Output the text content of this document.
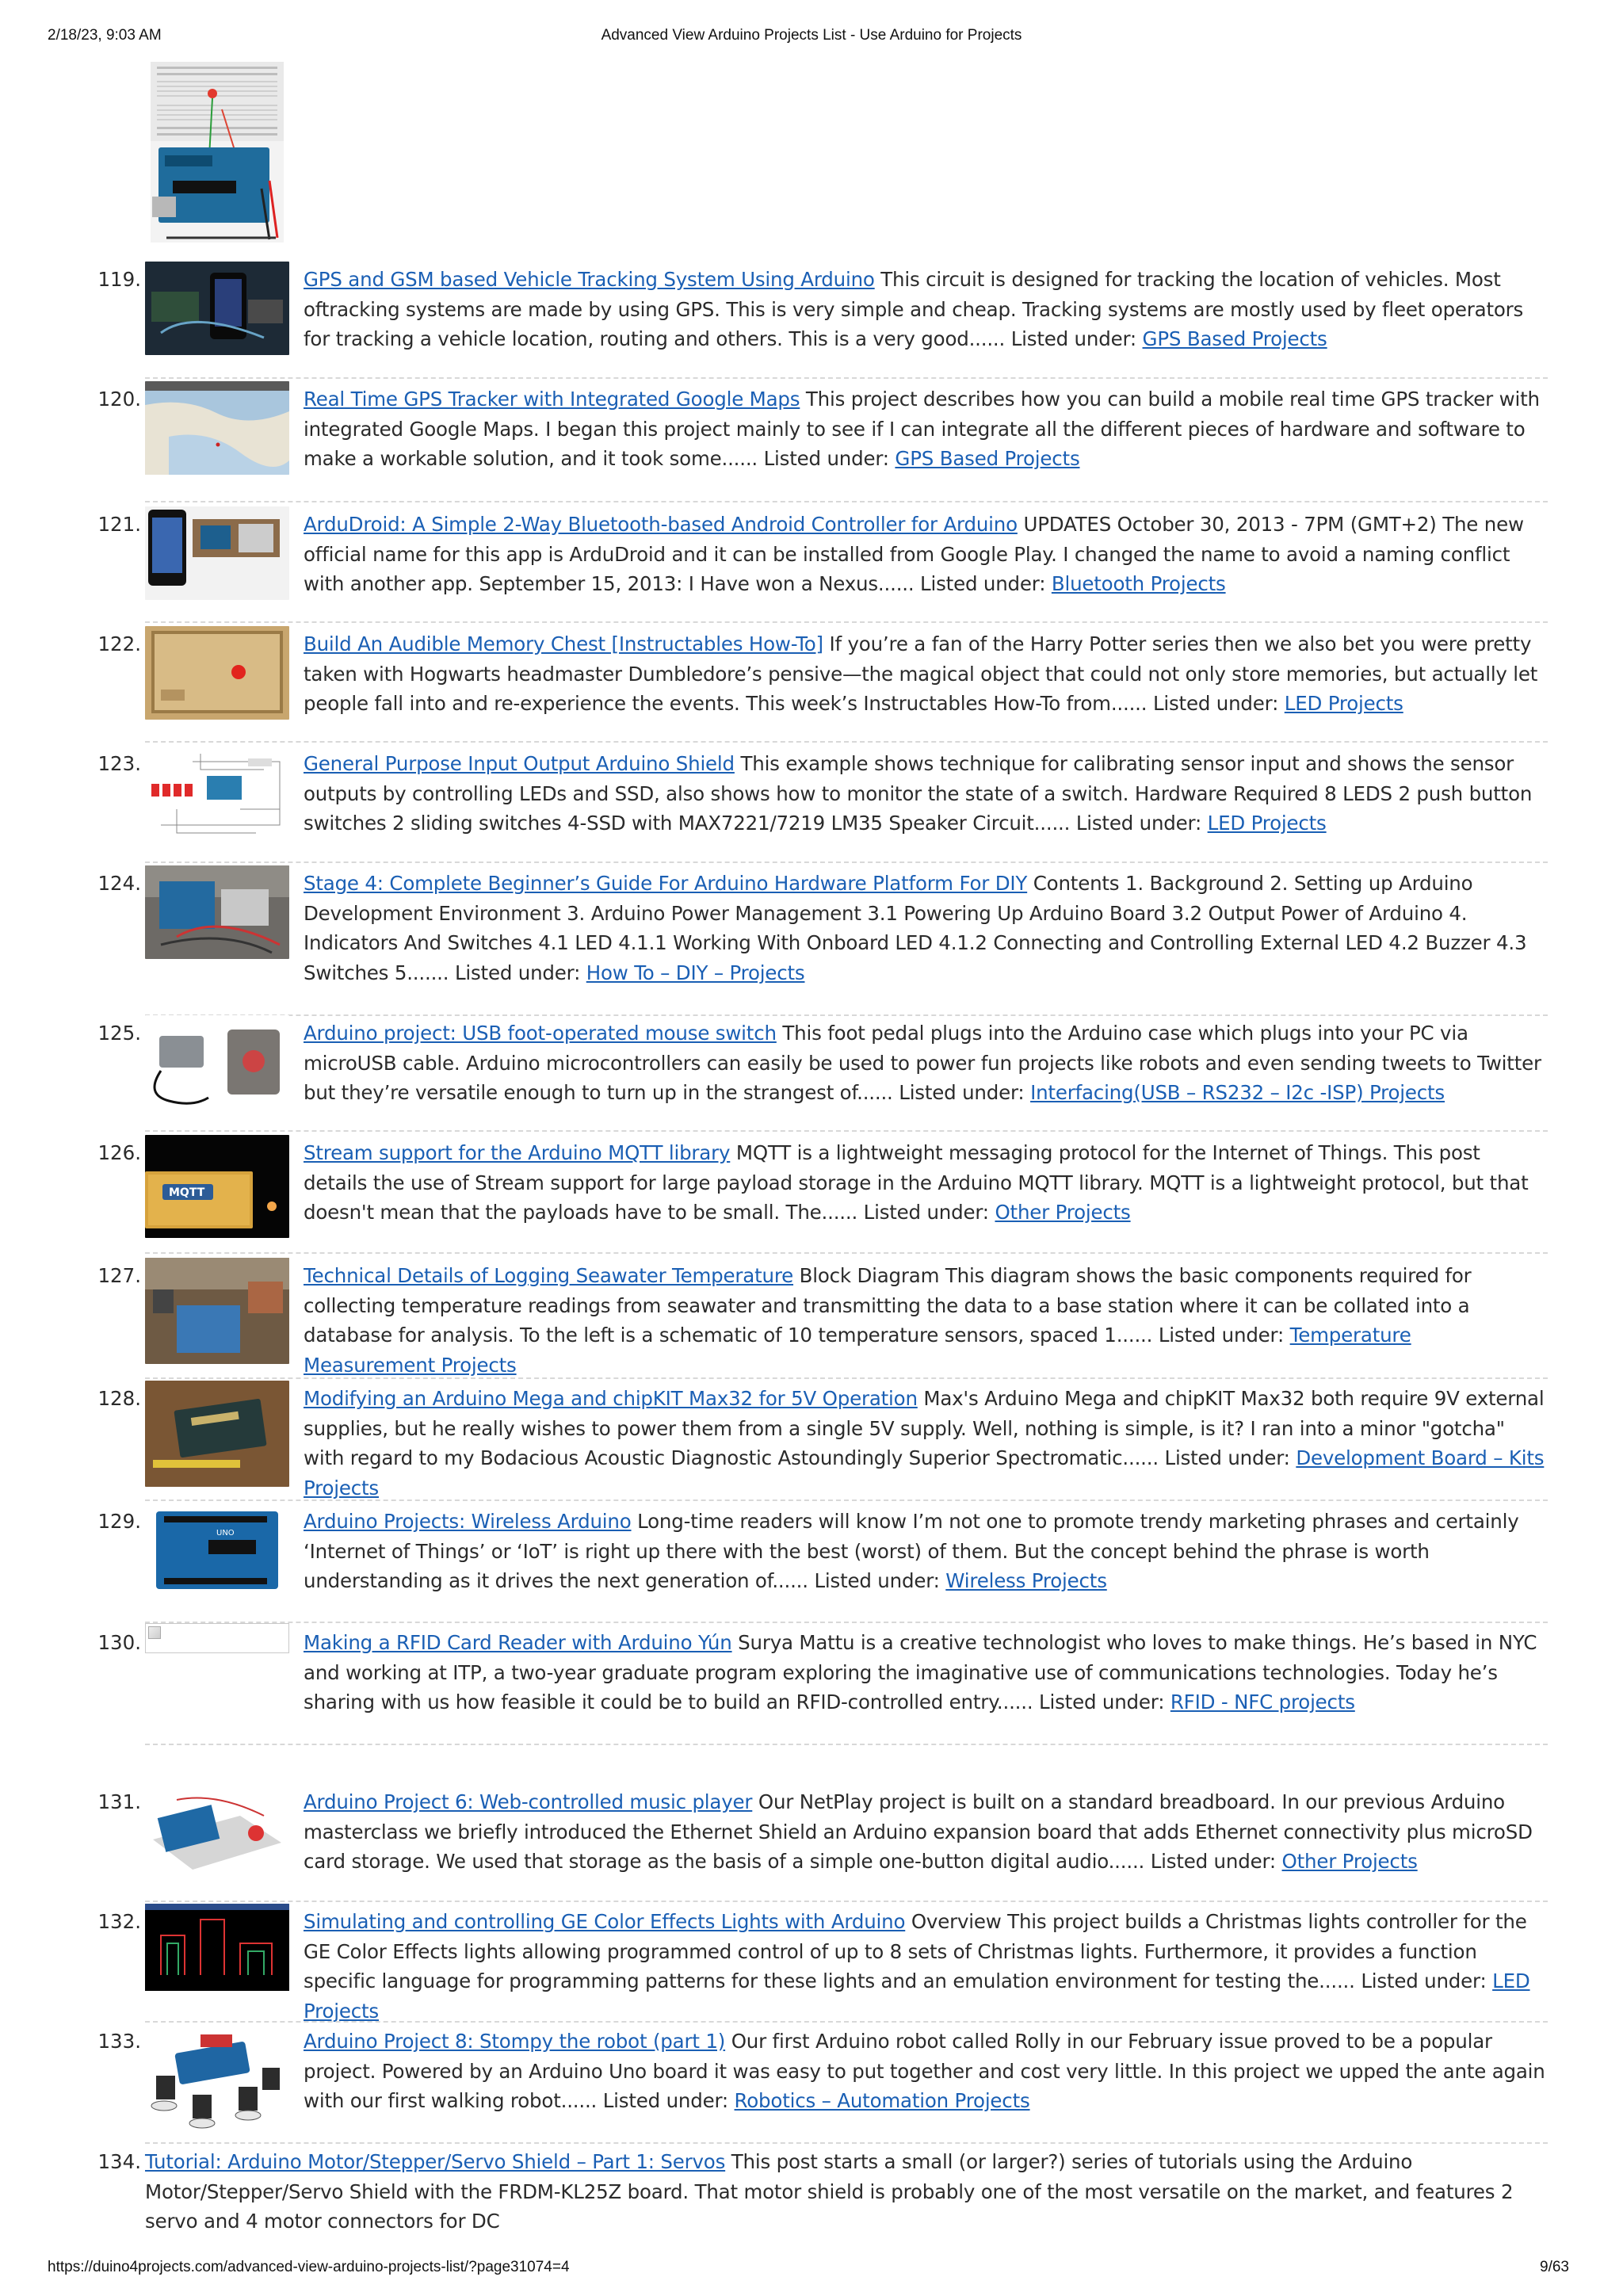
2/18/23, 9:03 AM	Advanced View Arduino Projects List - Use Arduino for Projects
119.	GPS and GSM based Vehicle Tracking System Using Arduino This circuit is designed for tracking the location of vehicles. Most oftracking systems are made by using GPS. This is very simple and cheap. Tracking systems are mostly used by fleet operators for tracking a vehicle location, routing and others. This is a very good...... Listed under: GPS Based Projects
120.	Real Time GPS Tracker with Integrated Google Maps This project describes how you can build a mobile real time GPS tracker with integrated Google Maps. I began this project mainly to see if I can integrate all the different pieces of hardware and software to make a workable solution, and it took some...... Listed under: GPS Based Projects
121.	ArduDroid: A Simple 2-Way Bluetooth-based Android Controller for Arduino UPDATES October 30, 2013 - 7PM (GMT+2) The new official name for this app is ArduDroid and it can be installed from Google Play. I changed the name to avoid a naming conflict with another app. September 15, 2013: I Have won a Nexus...... Listed under: Bluetooth Projects
122.	Build An Audible Memory Chest [Instructables How-To] If you’re a fan of the Harry Potter series then we also bet you were pretty taken with Hogwarts headmaster Dumbledore’s pensive—the magical object that could not only store memories, but actually let people fall into and re-experience the events. This week’s Instructables How-To from...... Listed under: LED Projects
123.	General Purpose Input Output Arduino Shield This example shows technique for calibrating sensor input and shows the sensor outputs by controlling LEDs and SSD, also shows how to monitor the state of a switch. Hardware Required 8 LEDS 2 push button switches 2 sliding switches 4-SSD with MAX7221/7219 LM35 Speaker Circuit...... Listed under: LED Projects
124.	Stage 4: Complete Beginner’s Guide For Arduino Hardware Platform For DIY Contents 1. Background 2. Setting up Arduino Development Environment 3. Arduino Power Management 3.1 Powering Up Arduino Board 3.2 Output Power of Arduino 4. Indicators And Switches 4.1 LED 4.1.1 Working With Onboard LED 4.1.2 Connecting and Controlling External LED 4.2 Buzzer 4.3 Switches 5....... Listed under: How To – DIY – Projects
125.	Arduino project: USB foot-operated mouse switch This foot pedal plugs into the Arduino case which plugs into your PC via microUSB cable. Arduino microcontrollers can easily be used to power fun projects like robots and even sending tweets to Twitter but they’re versatile enough to turn up in the strangest of...... Listed under: Interfacing(USB – RS232 – I2c -ISP) Projects
126.
MQTT
Stream support for the Arduino MQTT library MQTT is a lightweight messaging protocol for the Internet of Things. This post details the use of Stream support for large payload storage in the Arduino MQTT library. MQTT is a lightweight protocol, but that doesn't mean that the payloads have to be small. The...... Listed under: Other Projects
127.	Technical Details of Logging Seawater Temperature Block Diagram This diagram shows the basic components required for collecting temperature readings from seawater and transmitting the data to a base station where it can be collated into a database for analysis. To the left is a schematic of 10 temperature sensors, spaced 1...... Listed under: Temperature Measurement Projects
128.	Modifying an Arduino Mega and chipKIT Max32 for 5V Operation Max's Arduino Mega and chipKIT Max32 both require 9V external supplies, but he really wishes to power them from a single 5V supply. Well, nothing is simple, is it? I ran into a minor "gotcha" with regard to my Bodacious Acoustic Diagnostic Astoundingly Superior Spectromatic...... Listed under: Development Board – Kits Projects
129.
UNO
Arduino Projects: Wireless Arduino Long-time readers will know I’m not one to promote trendy marketing phrases and certainly ‘Internet of Things’ or ‘IoT’ is right up there with the best (worst) of them. But the concept behind the phrase is worth understanding as it drives the next generation of...... Listed under: Wireless Projects
130.	Making a RFID Card Reader with Arduino Yún Surya Mattu is a creative technologist who loves to make things. He’s based in NYC and working at ITP, a two-year graduate program exploring the imaginative use of communications technologies. Today he’s sharing with us how feasible it could be to build an RFID-controlled entry...... Listed under: RFID - NFC projects
131.	Arduino Project 6: Web-controlled music player Our NetPlay project is built on a standard breadboard. In our previous Arduino masterclass we briefly introduced the Ethernet Shield an Arduino expansion board that adds Ethernet connectivity plus microSD card storage. We used that storage as the basis of a simple one-button digital audio...... Listed under: Other Projects
132.	Simulating and controlling GE Color Effects Lights with Arduino Overview This project builds a Christmas lights controller for the GE Color Effects lights allowing programmed control of up to 8 sets of Christmas lights. Furthermore, it provides a function specific language for programming patterns for these lights and an emulation environment for testing the...... Listed under: LED Projects
133.	Arduino Project 8: Stompy the robot (part 1) Our first Arduino robot called Rolly in our February issue proved to be a popular project. Powered by an Arduino Uno board it was easy to put together and cost very little. In this project we upped the ante again with our first walking robot...... Listed under: Robotics – Automation Projects
134. Tutorial: Arduino Motor/Stepper/Servo Shield – Part 1: Servos This post starts a small (or larger?) series of tutorials using the Arduino Motor/Stepper/Servo Shield with the FRDM-KL25Z board. That motor shield is probably one of the most versatile on the market, and features 2 servo and 4 motor connectors for DC
https://duino4projects.com/advanced-view-arduino-projects-list/?page31074=4	9/63
